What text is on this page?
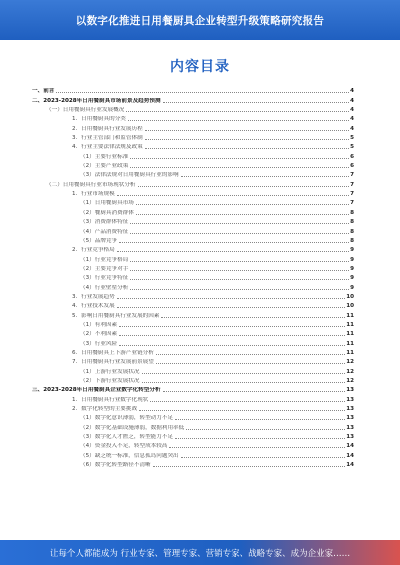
以数字化推进日用餐厨具企业转型升级策略研究报告
内容目录
一、前言	4
二、2023-2028年日用餐厨具市场前景及趋势预测	4
（一）日用餐厨具行业发展概况	4
1．日用餐厨具的分类	4
2．日用餐厨具行业发展历程	4
3．行业主管部门和监管体制	5
4．行业主要法律法规及政策	5
（1）主要行业标准	6
（2）主要产业政策	6
（3）法律法规对日用餐厨具行业的影响	7
（二）日用餐厨具行业市场现状分析	7
1．行业市场规模	7
（1）日用餐厨具市场	7
（2）餐厨具消费群体	8
（3）消费群体特征	8
（4）产品消费特征	8
（5）品牌竞争	8
2．行业竞争格局	9
（1）行业竞争格局	9
（2）主要竞争对手	9
（3）行业竞争特征	9
（4）行业壁垒分析	9
3．行业发展趋势	10
4．行业技术发展	10
5．影响日用餐厨具行业发展的因素	11
（1）有利因素	11
（2）不利因素	11
（3）行业风险	11
6．日用餐厨具上下游产业链分析	11
7．日用餐厨具行业发展前景展望	12
（1）上游行业发展状况	12
（2）下游行业发展状况	12
三、2023-2028年日用餐厨具企业数字化转型分析	13
1．日用餐厨具行业数字化现状	13
2．数字化转型的主要挑战	13
（1）数字化意识薄弱，转型动力不足	13
（2）数字化基础设施薄弱，数据利用率低	13
（3）数字化人才匮乏，转型能力不足	13
（4）资金投入不足，转型成本较高	14
（5）缺乏统一标准，信息孤岛问题突出	14
（6）数字化转型路径不清晰	14
让每个人都能成为 行业专家、管理专家、营销专家、战略专家、成为企业家……
